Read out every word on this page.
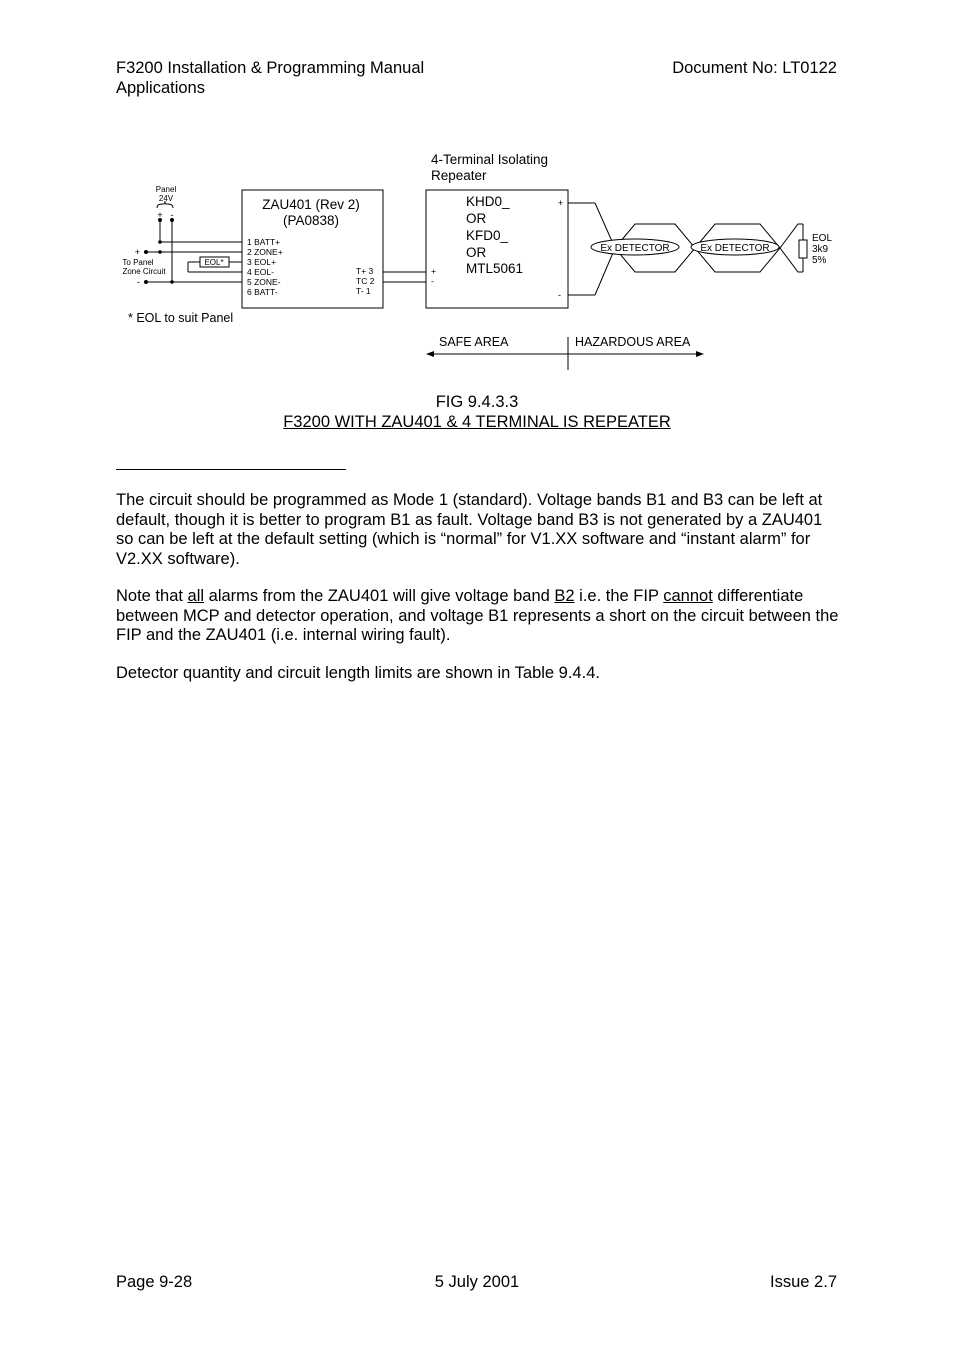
F3200 Installation & Programming Manual
Applications
Document No: LT0122
4-Terminal Isolating
Repeater
Panel
24V
+ -
+
-
To Panel
Zone Circuit
EOL*
ZAU401 (Rev 2)
(PA0838)
1 BATT+
2 ZONE+
3 EOL+
4 EOL-
5 ZONE-
6 BATT-
T+ 3
TC 2
T- 1
+
-
KHD0_
OR
KFD0_
OR
MTL5061
+
-
Ex DETECTOR	Ex DETECTOR
EOL
3k9
5%
* EOL to suit Panel
SAFE AREA	HAZARDOUS AREA
FIG 9.4.3.3
F3200 WITH ZAU401 & 4 TERMINAL IS REPEATER
The circuit should be programmed as Mode 1 (standard). Voltage bands B1 and B3 can be left at default, though it is better to program B1 as fault. Voltage band B3 is not generated by a ZAU401 so can be left at the default setting (which is “normal” for V1.XX software and “instant alarm” for V2.XX software).
Note that all alarms from the ZAU401 will give voltage band B2 i.e. the FIP cannot differentiate between MCP and detector operation, and voltage B1 represents a short on the circuit between the FIP and the ZAU401 (i.e. internal wiring fault).
Detector quantity and circuit length limits are shown in Table 9.4.4.
Page 9-28	5 July 2001	Issue 2.7
